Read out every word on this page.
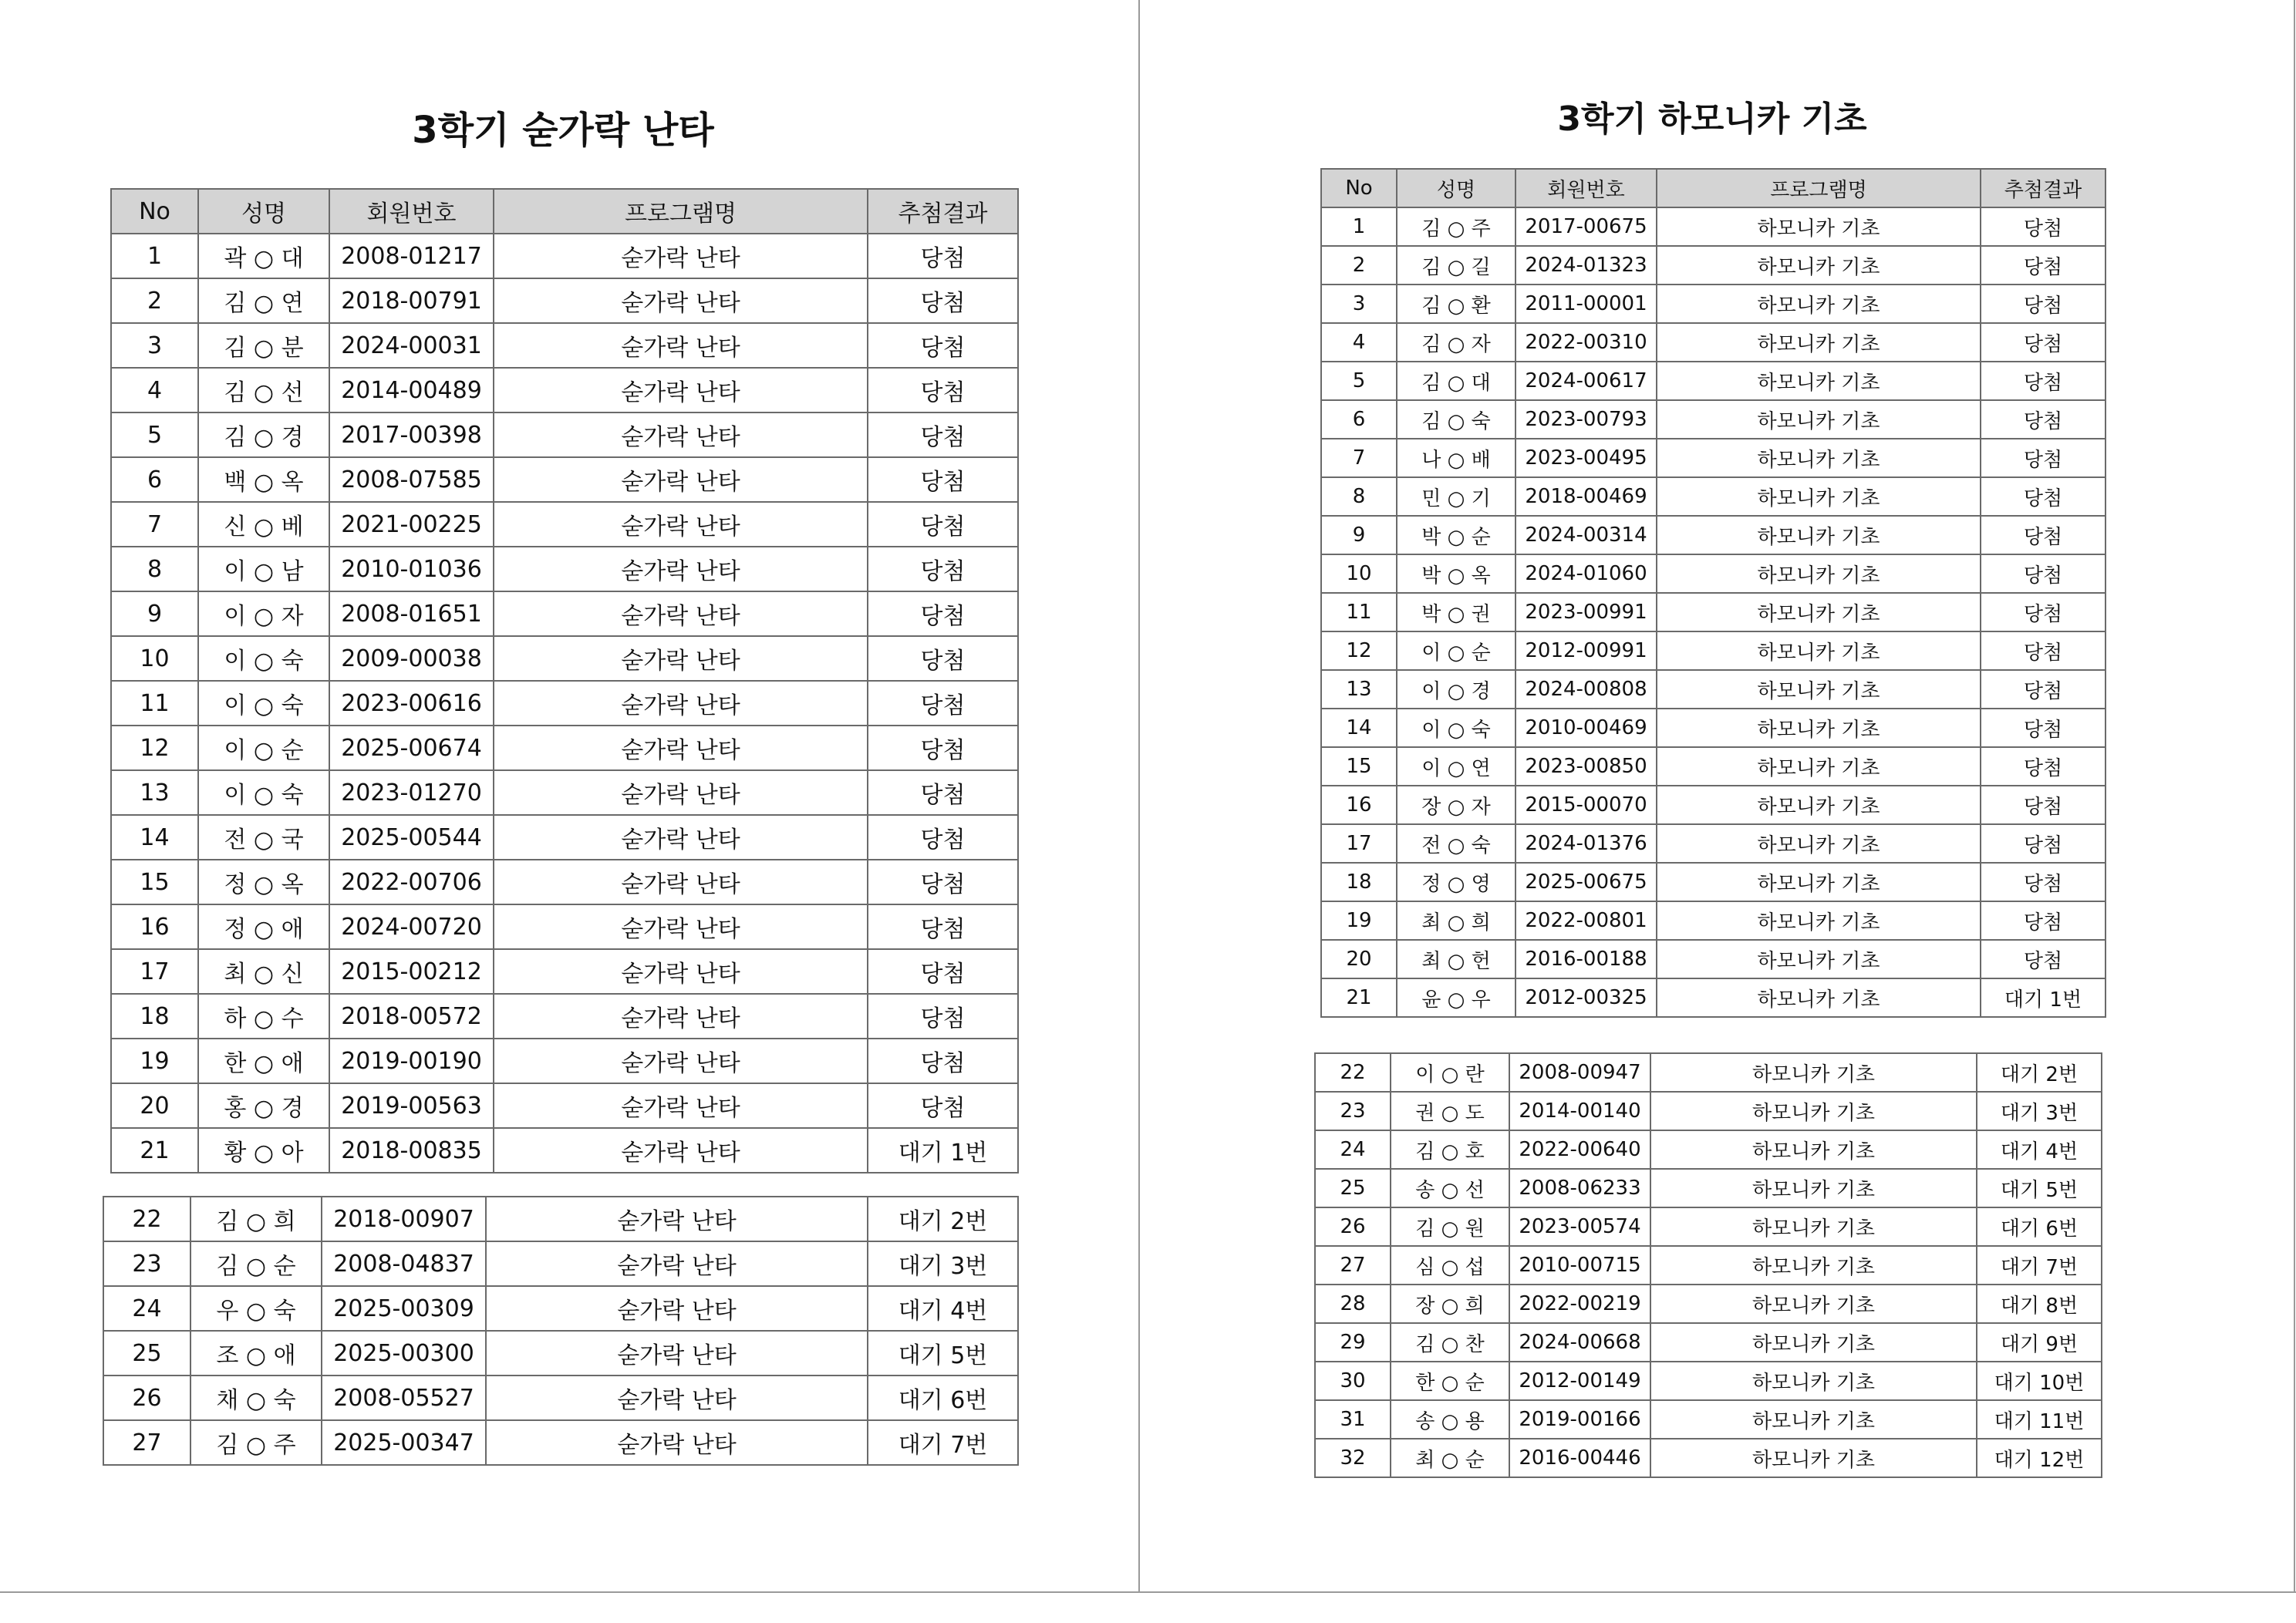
3학기 숟가락 난타
No	성명	회원번호	프로그램명	추첨결과
1	곽 ○ 대	2008-01217	숟가락 난타	당첨
2	김 ○ 연	2018-00791	숟가락 난타	당첨
3	김 ○ 분	2024-00031	숟가락 난타	당첨
4	김 ○ 선	2014-00489	숟가락 난타	당첨
5	김 ○ 경	2017-00398	숟가락 난타	당첨
6	백 ○ 옥	2008-07585	숟가락 난타	당첨
7	신 ○ 베	2021-00225	숟가락 난타	당첨
8	이 ○ 남	2010-01036	숟가락 난타	당첨
9	이 ○ 자	2008-01651	숟가락 난타	당첨
10	이 ○ 숙	2009-00038	숟가락 난타	당첨
11	이 ○ 숙	2023-00616	숟가락 난타	당첨
12	이 ○ 순	2025-00674	숟가락 난타	당첨
13	이 ○ 숙	2023-01270	숟가락 난타	당첨
14	전 ○ 국	2025-00544	숟가락 난타	당첨
15	정 ○ 옥	2022-00706	숟가락 난타	당첨
16	정 ○ 애	2024-00720	숟가락 난타	당첨
17	최 ○ 신	2015-00212	숟가락 난타	당첨
18	하 ○ 수	2018-00572	숟가락 난타	당첨
19	한 ○ 애	2019-00190	숟가락 난타	당첨
20	홍 ○ 경	2019-00563	숟가락 난타	당첨
21	황 ○ 아	2018-00835	숟가락 난타	대기 1번
22	김 ○ 희	2018-00907	숟가락 난타	대기 2번
23	김 ○ 순	2008-04837	숟가락 난타	대기 3번
24	우 ○ 숙	2025-00309	숟가락 난타	대기 4번
25	조 ○ 애	2025-00300	숟가락 난타	대기 5번
26	채 ○ 숙	2008-05527	숟가락 난타	대기 6번
27	김 ○ 주	2025-00347	숟가락 난타	대기 7번
3학기 하모니카 기초
No	성명	회원번호	프로그램명	추첨결과
1	김 ○ 주	2017-00675	하모니카 기초	당첨
2	김 ○ 길	2024-01323	하모니카 기초	당첨
3	김 ○ 환	2011-00001	하모니카 기초	당첨
4	김 ○ 자	2022-00310	하모니카 기초	당첨
5	김 ○ 대	2024-00617	하모니카 기초	당첨
6	김 ○ 숙	2023-00793	하모니카 기초	당첨
7	나 ○ 배	2023-00495	하모니카 기초	당첨
8	민 ○ 기	2018-00469	하모니카 기초	당첨
9	박 ○ 순	2024-00314	하모니카 기초	당첨
10	박 ○ 옥	2024-01060	하모니카 기초	당첨
11	박 ○ 권	2023-00991	하모니카 기초	당첨
12	이 ○ 순	2012-00991	하모니카 기초	당첨
13	이 ○ 경	2024-00808	하모니카 기초	당첨
14	이 ○ 숙	2010-00469	하모니카 기초	당첨
15	이 ○ 연	2023-00850	하모니카 기초	당첨
16	장 ○ 자	2015-00070	하모니카 기초	당첨
17	전 ○ 숙	2024-01376	하모니카 기초	당첨
18	정 ○ 영	2025-00675	하모니카 기초	당첨
19	최 ○ 희	2022-00801	하모니카 기초	당첨
20	최 ○ 헌	2016-00188	하모니카 기초	당첨
21	윤 ○ 우	2012-00325	하모니카 기초	대기 1번
22	이 ○ 란	2008-00947	하모니카 기초	대기 2번
23	권 ○ 도	2014-00140	하모니카 기초	대기 3번
24	김 ○ 호	2022-00640	하모니카 기초	대기 4번
25	송 ○ 선	2008-06233	하모니카 기초	대기 5번
26	김 ○ 원	2023-00574	하모니카 기초	대기 6번
27	심 ○ 섭	2010-00715	하모니카 기초	대기 7번
28	장 ○ 희	2022-00219	하모니카 기초	대기 8번
29	김 ○ 찬	2024-00668	하모니카 기초	대기 9번
30	한 ○ 순	2012-00149	하모니카 기초	대기 10번
31	송 ○ 용	2019-00166	하모니카 기초	대기 11번
32	최 ○ 순	2016-00446	하모니카 기초	대기 12번
